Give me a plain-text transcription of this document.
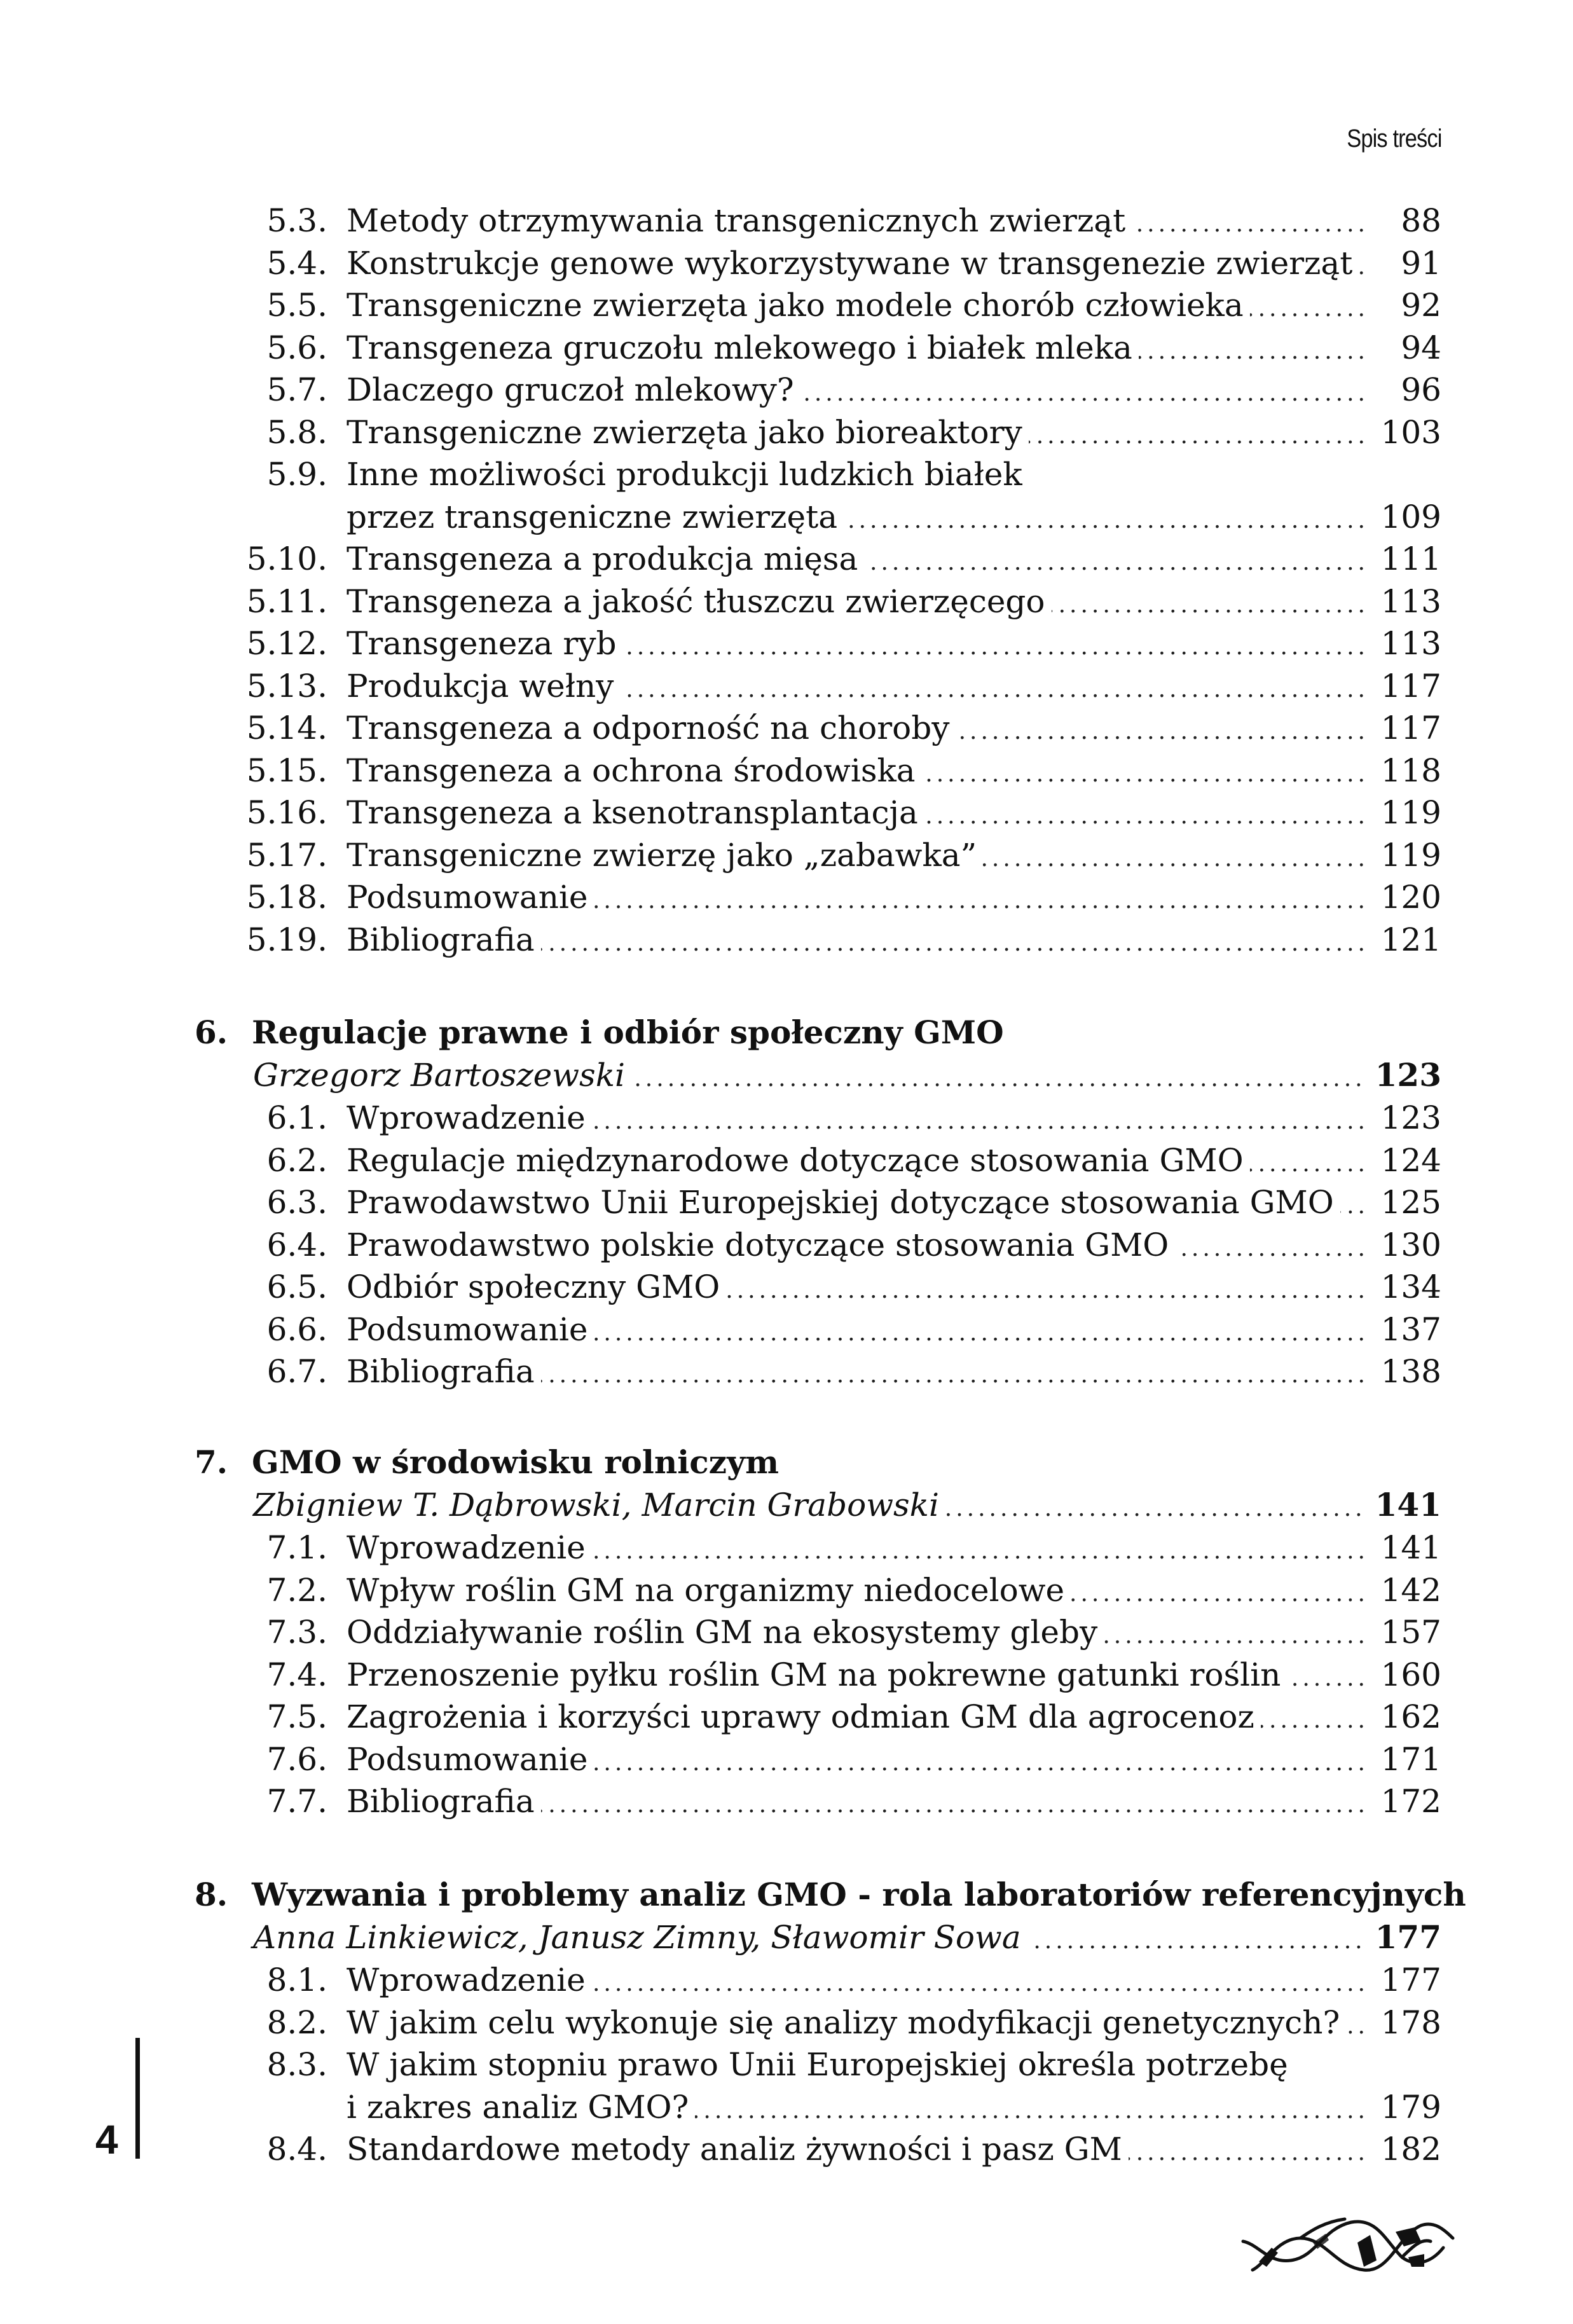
Spis treści
5.3. Metody otrzymywania transgenicznych zwierząt .....	88
5.4. Konstrukcje genowe wykorzystywane w transgenezie zwierząt .....	91
5.5. Transgeniczne zwierzęta jako modele chorób człowieka .....	92
5.6. Transgeneza gruczołu mlekowego i białek mleka .....	94
5.7. Dlaczego gruczoł mlekowy? .....	96
5.8. Transgeniczne zwierzęta jako bioreaktory .....	103
5.9. Inne możliwości produkcji ludzkich białek
przez transgeniczne zwierzęta .....	109
5.10. Transgeneza a produkcja mięsa .....	111
5.11. Transgeneza a jakość tłuszczu zwierzęcego .....	113
5.12. Transgeneza ryb .....	113
5.13. Produkcja wełny .....	117
5.14. Transgeneza a odporność na choroby .....	117
5.15. Transgeneza a ochrona środowiska .....	118
5.16. Transgeneza a ksenotransplantacja .....	119
5.17. Transgeniczne zwierzę jako „zabawka” .....	119
5.18. Podsumowanie .....	120
5.19. Bibliografia .....	121
6. Regulacje prawne i odbiór społeczny GMO
Grzegorz Bartoszewski .....	123
6.1. Wprowadzenie .....	123
6.2. Regulacje międzynarodowe dotyczące stosowania GMO .....	124
6.3. Prawodawstwo Unii Europejskiej dotyczące stosowania GMO ..... 125
6.4. Prawodawstwo polskie dotyczące stosowania GMO .....	130
6.5. Odbiór społeczny GMO .....	134
6.6. Podsumowanie .....	137
6.7. Bibliografia .....	138
7. GMO w środowisku rolniczym
Zbigniew T. Dąbrowski, Marcin Grabowski .....	141
7.1. Wprowadzenie .....	141
7.2. Wpływ roślin GM na organizmy niedocelowe .....	142
7.3. Oddziaływanie roślin GM na ekosystemy gleby .....	157
7.4. Przenoszenie pyłku roślin GM na pokrewne gatunki roślin .....	160
7.5. Zagrożenia i korzyści uprawy odmian GM dla agrocenoz .....	162
7.6. Podsumowanie .....	171
7.7. Bibliografia .....	172
8. Wyzwania i problemy analiz GMO - rola laboratoriów referencyjnych
Anna Linkiewicz, Janusz Zimny, Sławomir Sowa .....	177
8.1. Wprowadzenie .....	177
8.2. W jakim celu wykonuje się analizy modyfikacji genetycznych? ..... 178
8.3. W jakim stopniu prawo Unii Europejskiej określa potrzebę
i zakres analiz GMO? .....	179
8.4. Standardowe metody analiz żywności i pasz GM .....	182
4
